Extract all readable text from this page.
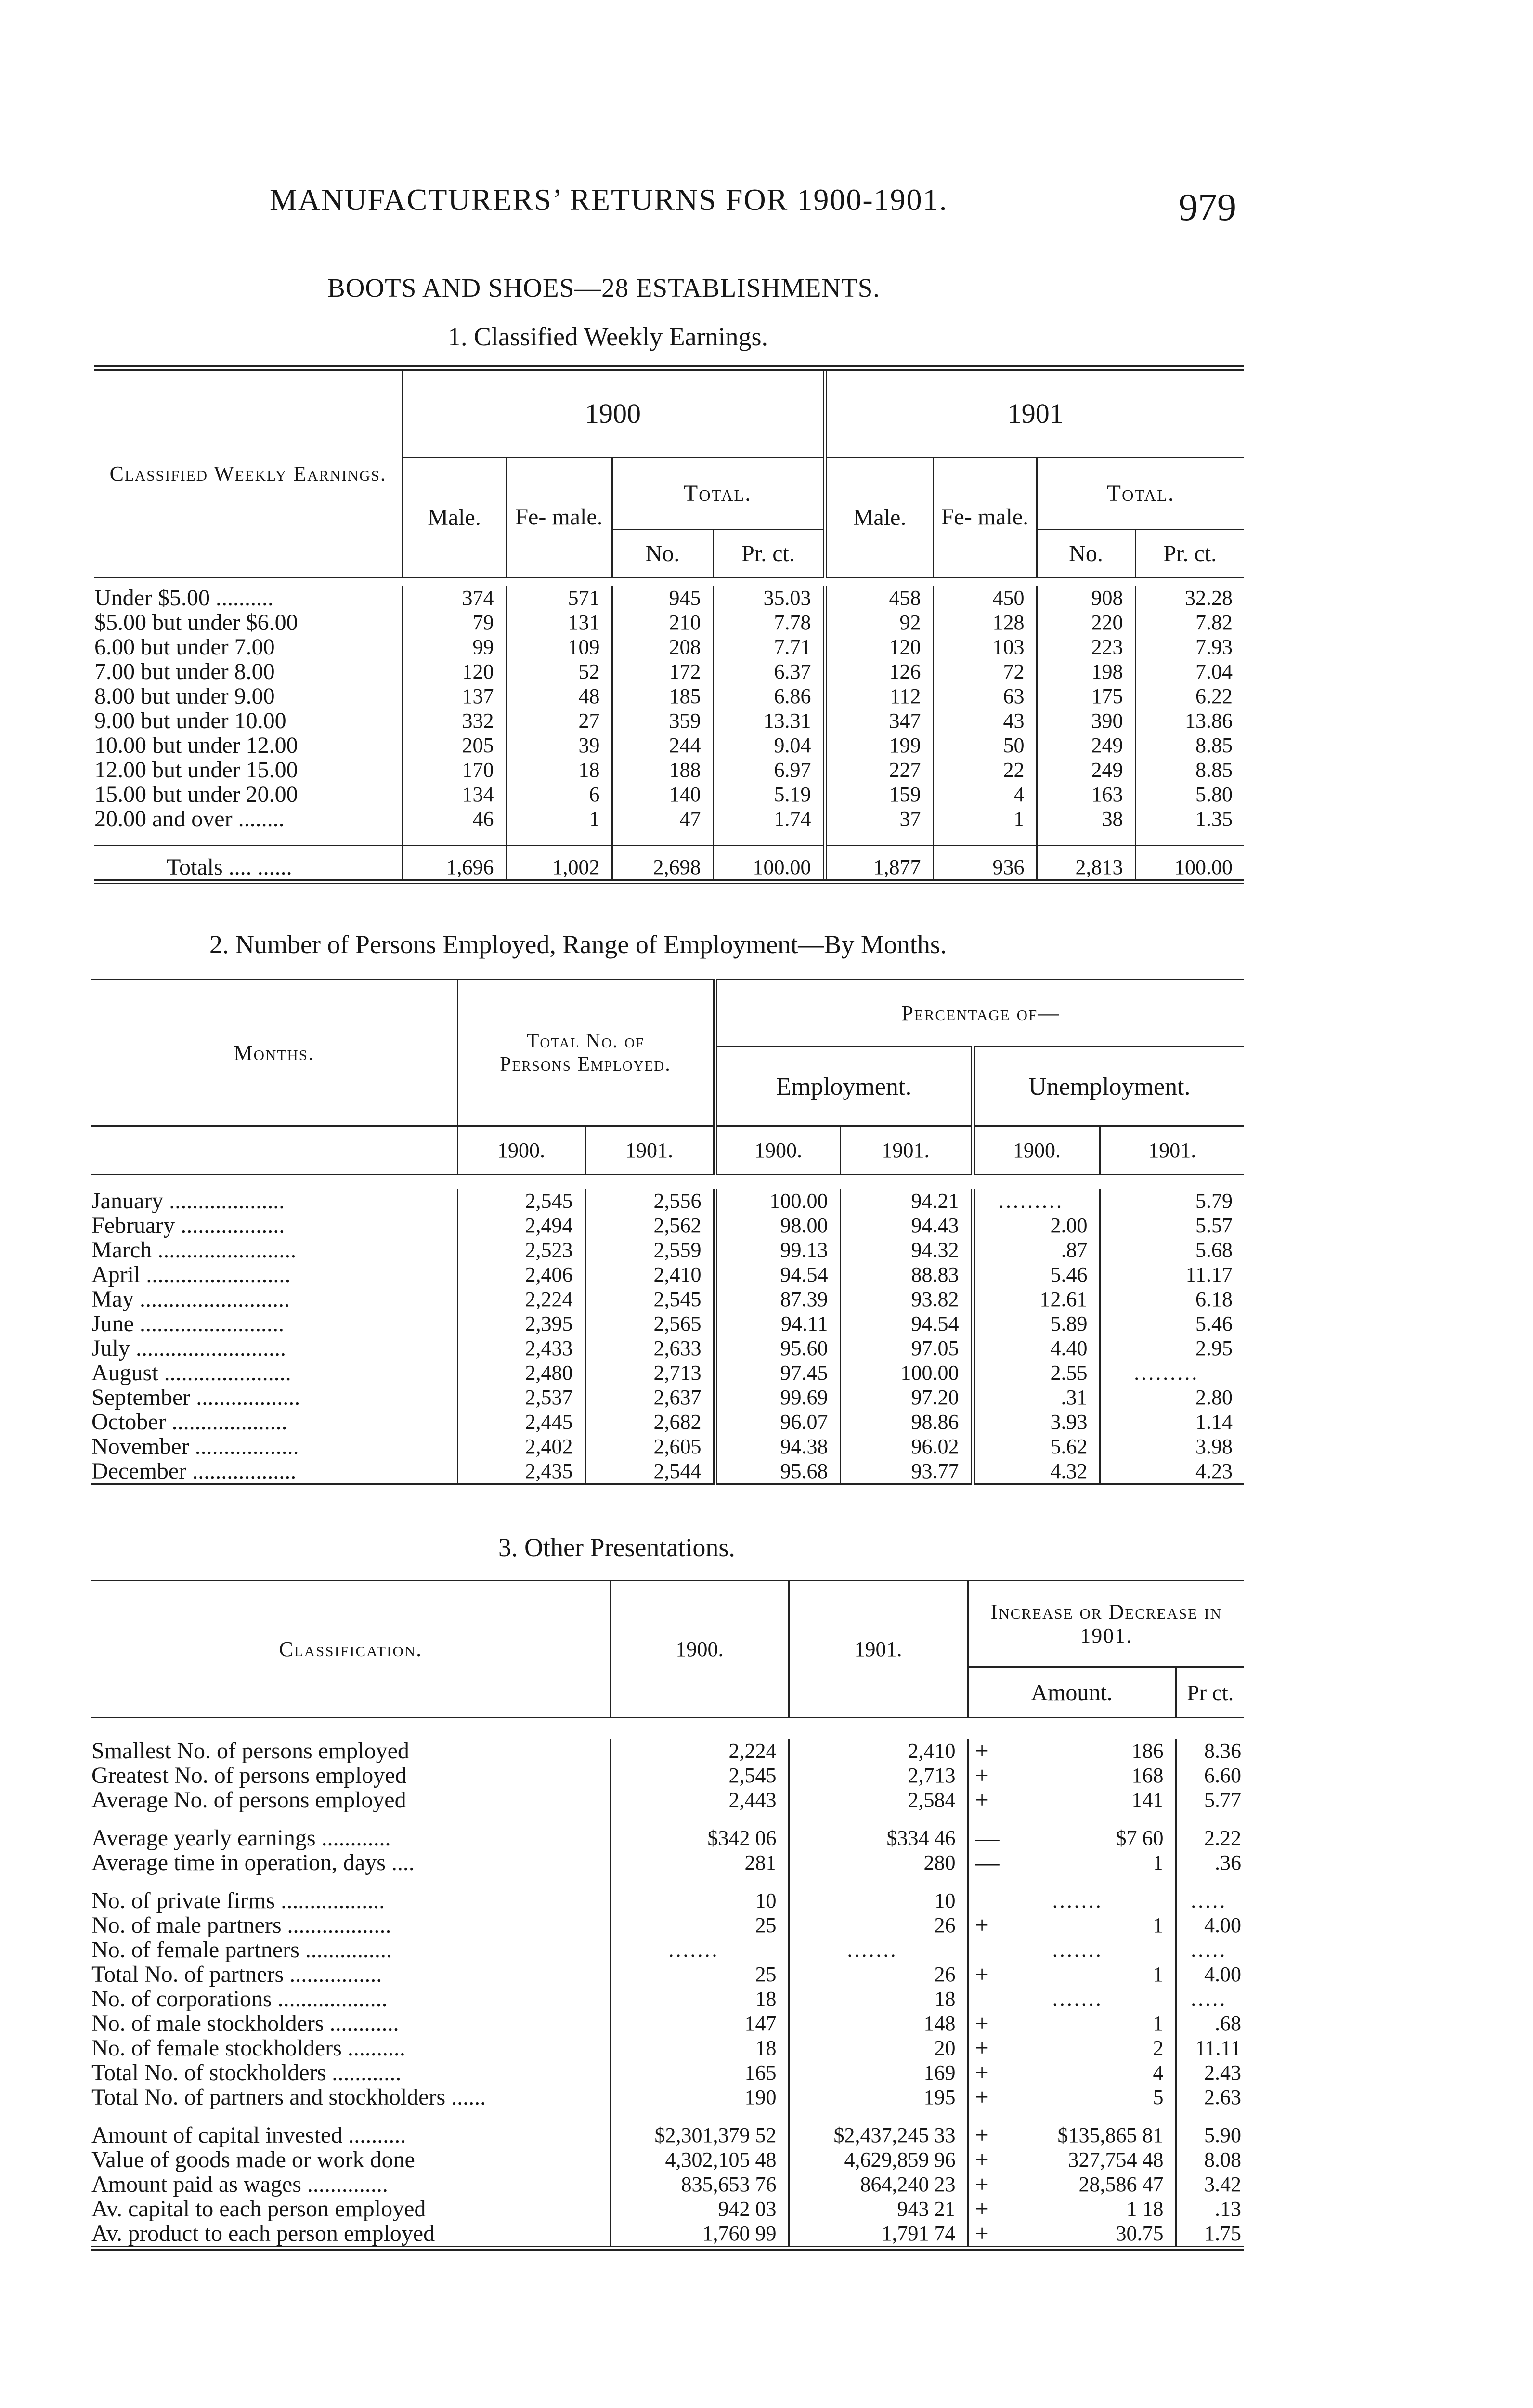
MANUFACTURERS’ RETURNS FOR 1900-1901.	979
BOOTS AND SHOES—28 ESTABLISHMENTS.
1. Classified Weekly Earnings.
Classified Weekly Earnings.	1900				1901			
	Male.	Fe- male.	Total.		Male.	Fe- male.	Total.	
			No.	Pr. ct.			No.	Pr. ct.
Under $5.00 ..........	374	571	945	35.03	458	450	908	32.28
$5.00 but under $6.00	79	131	210	7.78	92	128	220	7.82
6.00 but under 7.00	99	109	208	7.71	120	103	223	7.93
7.00 but under 8.00	120	52	172	6.37	126	72	198	7.04
8.00 but under 9.00	137	48	185	6.86	112	63	175	6.22
9.00 but under 10.00	332	27	359	13.31	347	43	390	13.86
10.00 but under 12.00	205	39	244	9.04	199	50	249	8.85
12.00 but under 15.00	170	18	188	6.97	227	22	249	8.85
15.00 but under 20.00	134	6	140	5.19	159	4	163	5.80
20.00 and over ........	46	1	47	1.74	37	1	38	1.35

Totals .... ......	1,696	1,002	2,698	100.00	1,877	936	2,813	100.00
2. Number of Persons Employed, Range of Employment—By Months.
Months.	Total No. of Persons Employed.		Percentage of—			
			Employment.		Unemployment.	
	1900.	1901.	1900.	1901.	1900.	1901.
January ....................	2,545	2,556	100.00	94.21	.........	5.79
February ..................	2,494	2,562	98.00	94.43	2.00	5.57
March ........................	2,523	2,559	99.13	94.32	.87	5.68
April .........................	2,406	2,410	94.54	88.83	5.46	11.17
May ..........................	2,224	2,545	87.39	93.82	12.61	6.18
June .........................	2,395	2,565	94.11	94.54	5.89	5.46
July ..........................	2,433	2,633	95.60	97.05	4.40	2.95
August ......................	2,480	2,713	97.45	100.00	2.55	.........
September ..................	2,537	2,637	99.69	97.20	.31	2.80
October ....................	2,445	2,682	96.07	98.86	3.93	1.14
November ..................	2,402	2,605	94.38	96.02	5.62	3.98
December ..................	2,435	2,544	95.68	93.77	4.32	4.23
3. Other Presentations.
Classification.	1900.	1901.	Increase or Decrease in 1901.	
			Amount.	Pr ct.
Smallest No. of persons employed	2,224	2,410	+	186	8.36
Greatest No. of persons employed	2,545	2,713	+	168	6.60
Average No. of persons employed	2,443	2,584	+	141	5.77

Average yearly earnings ............	$342 06	$334 46	—	$7 60	2.22
Average time in operation, days ....	281	280	—	1	.36

No. of private firms ..................	10	10		.......	.....
No. of male partners ..................	25	26	+	1	4.00
No. of female partners ...............	.......	.......		.......	.....
Total No. of partners ................	25	26	+	1	4.00
No. of corporations ...................	18	18		.......	.....
No. of male stockholders ............	147	148	+	1	.68
No. of female stockholders ..........	18	20	+	2	11.11
Total No. of stockholders ............	165	169	+	4	2.43
Total No. of partners and stockholders ......	190	195	+	5	2.63

Amount of capital invested ..........	$2,301,379 52	$2,437,245 33	+	$135,865 81	5.90
Value of goods made or work done	4,302,105 48	4,629,859 96	+	327,754 48	8.08
Amount paid as wages ..............	835,653 76	864,240 23	+	28,586 47	3.42
Av. capital to each person employed	942 03	943 21	+	1 18	.13
Av. product to each person employed	1,760 99	1,791 74	+	30.75	1.75
